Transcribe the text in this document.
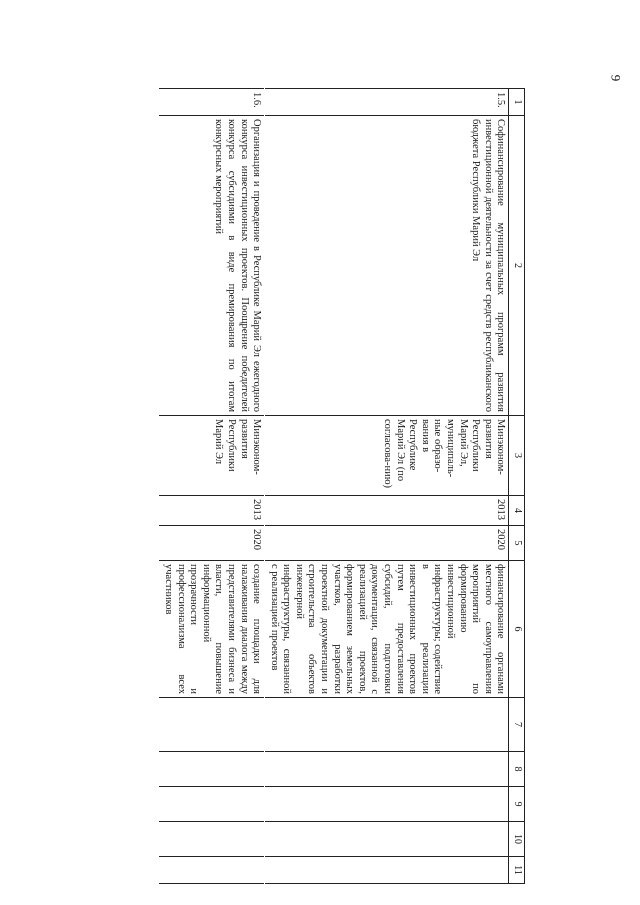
9
1	2	3	4	5	6	7	8	9	10	11
1.5.	Софинансирование муниципальных программ развития инвестиционной деятельности за счет средств республиканского бюджета Республики Марий Эл	Минэконом-развития Республики Марий Эл, муниципаль-ные образо-вания в Республике Марий Эл (по согласова-нию)	2013	2020	финансирование органами местного самоуправления мероприятий по формированию инвестиционной инфраструктуры; содействие в реализации инвестиционных проектов путем предоставления субсидий, подготовки документации, связанной с реализацией проектов, формированием земельных участков, разработки проектной документации и строительства объектов инженерной инфраструктуры, связанной с реализацией проектов					
1.6.	Организация и проведение в Республике Марий Эл ежегодного конкурса инвестиционных проектов. Поощрение победителей конкурса субсидиями в виде премирования по итогам конкурсных мероприятий	Минэконом-развития Республики Марий Эл	2013	2020	создание площадки для налаживания диалога между представителями бизнеса и власти, повышение информационной прозрачности и профессионализма всех участников					
